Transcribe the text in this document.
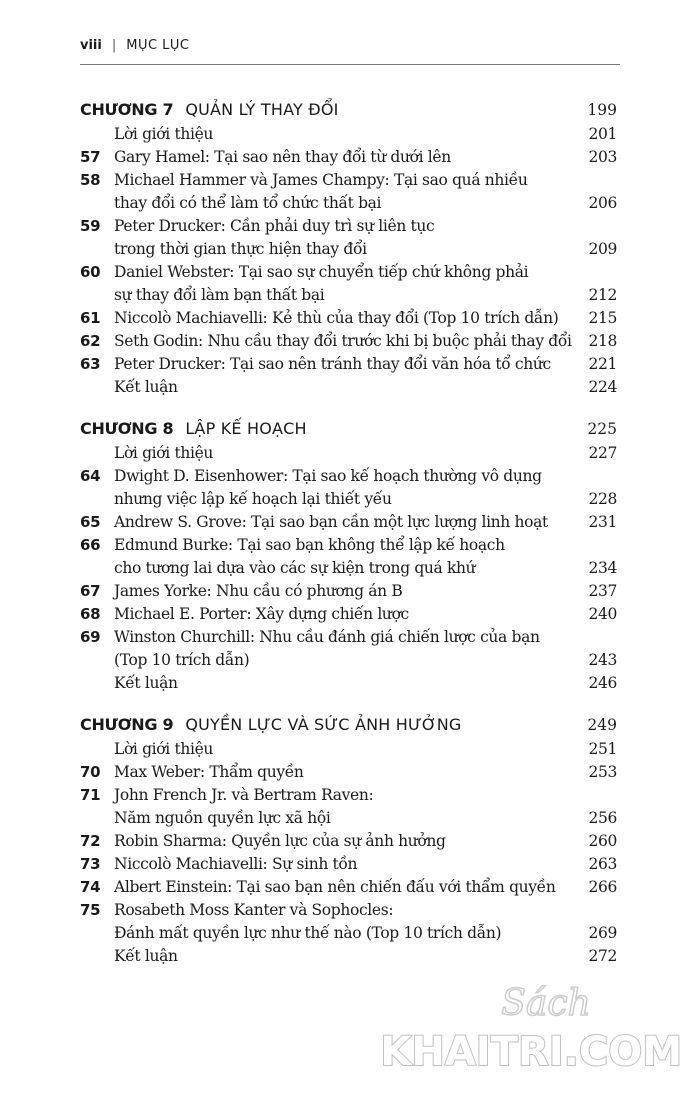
viii | MỤC LỤC
CHƯƠNG 7 QUẢN LÝ THAY ĐỔI	199
Lời giới thiệu	201
57 Gary Hamel: Tại sao nên thay đổi từ dưới lên	203
58 Michael Hammer và James Champy: Tại sao quá nhiều
thay đổi có thể làm tổ chức thất bại	206
59 Peter Drucker: Cần phải duy trì sự liên tục
trong thời gian thực hiện thay đổi	209
60 Daniel Webster: Tại sao sự chuyển tiếp chứ không phải
sự thay đổi làm bạn thất bại	212
61 Niccolò Machiavelli: Kẻ thù của thay đổi (Top 10 trích dẫn)	215
62 Seth Godin: Nhu cầu thay đổi trước khi bị buộc phải thay đổi	218
63 Peter Drucker: Tại sao nên tránh thay đổi văn hóa tổ chức	221
Kết luận	224
CHƯƠNG 8 LẬP KẾ HOẠCH	225
Lời giới thiệu	227
64 Dwight D. Eisenhower: Tại sao kế hoạch thường vô dụng
nhưng việc lập kế hoạch lại thiết yếu	228
65 Andrew S. Grove: Tại sao bạn cần một lực lượng linh hoạt	231
66 Edmund Burke: Tại sao bạn không thể lập kế hoạch
cho tương lai dựa vào các sự kiện trong quá khứ	234
67 James Yorke: Nhu cầu có phương án B	237
68 Michael E. Porter: Xây dựng chiến lược	240
69 Winston Churchill: Nhu cầu đánh giá chiến lược của bạn
(Top 10 trích dẫn)	243
Kết luận	246
CHƯƠNG 9 QUYỀN LỰC VÀ SỨC ẢNH HƯỞNG	249
Lời giới thiệu	251
70 Max Weber: Thẩm quyền	253
71 John French Jr. và Bertram Raven:
Năm nguồn quyền lực xã hội	256
72 Robin Sharma: Quyền lực của sự ảnh hưởng	260
73 Niccolò Machiavelli: Sự sinh tồn	263
74 Albert Einstein: Tại sao bạn nên chiến đấu với thẩm quyền	266
75 Rosabeth Moss Kanter và Sophocles:
Đánh mất quyền lực như thế nào (Top 10 trích dẫn)	269
Kết luận	272
Sách
KHAITRI.COM
